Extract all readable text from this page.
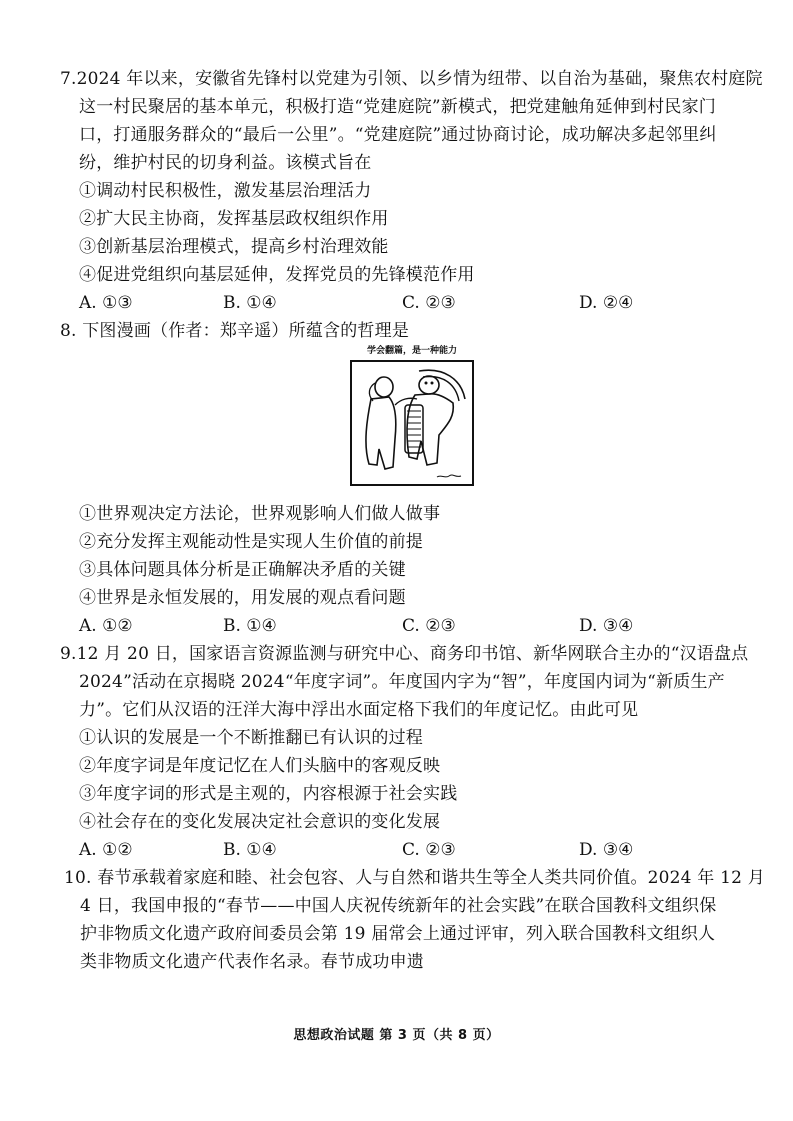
7.2024 年以来，安徽省先锋村以党建为引领、以乡情为纽带、以自治为基础，聚焦农村庭院
这一村民聚居的基本单元，积极打造“党建庭院”新模式，把党建触角延伸到村民家门
口，打通服务群众的“最后一公里”。“党建庭院”通过协商讨论，成功解决多起邻里纠
纷，维护村民的切身利益。该模式旨在
①调动村民积极性，激发基层治理活力
②扩大民主协商，发挥基层政权组织作用
③创新基层治理模式，提高乡村治理效能
④促进党组织向基层延伸，发挥党员的先锋模范作用
A. ①③	B. ①④	C. ②③	D. ②④
8. 下图漫画（作者：郑辛遥）所蕴含的哲理是
学会翻篇，是一种能力
①世界观决定方法论，世界观影响人们做人做事
②充分发挥主观能动性是实现人生价值的前提
③具体问题具体分析是正确解决矛盾的关键
④世界是永恒发展的，用发展的观点看问题
A. ①②	B. ①④	C. ②③	D. ③④
9.12 月 20 日，国家语言资源监测与研究中心、商务印书馆、新华网联合主办的“汉语盘点
2024”活动在京揭晓 2024“年度字词”。年度国内字为“智”，年度国内词为“新质生产
力”。它们从汉语的汪洋大海中浮出水面定格下我们的年度记忆。由此可见
①认识的发展是一个不断推翻已有认识的过程
②年度字词是年度记忆在人们头脑中的客观反映
③年度字词的形式是主观的，内容根源于社会实践
④社会存在的变化发展决定社会意识的变化发展
A. ①②	B. ①④	C. ②③	D. ③④
10. 春节承载着家庭和睦、社会包容、人与自然和谐共生等全人类共同价值。2024 年 12 月
4 日，我国申报的“春节——中国人庆祝传统新年的社会实践”在联合国教科文组织保
护非物质文化遗产政府间委员会第 19 届常会上通过评审，列入联合国教科文组织人
类非物质文化遗产代表作名录。春节成功申遗
思想政治试题 第 3 页（共 8 页）
